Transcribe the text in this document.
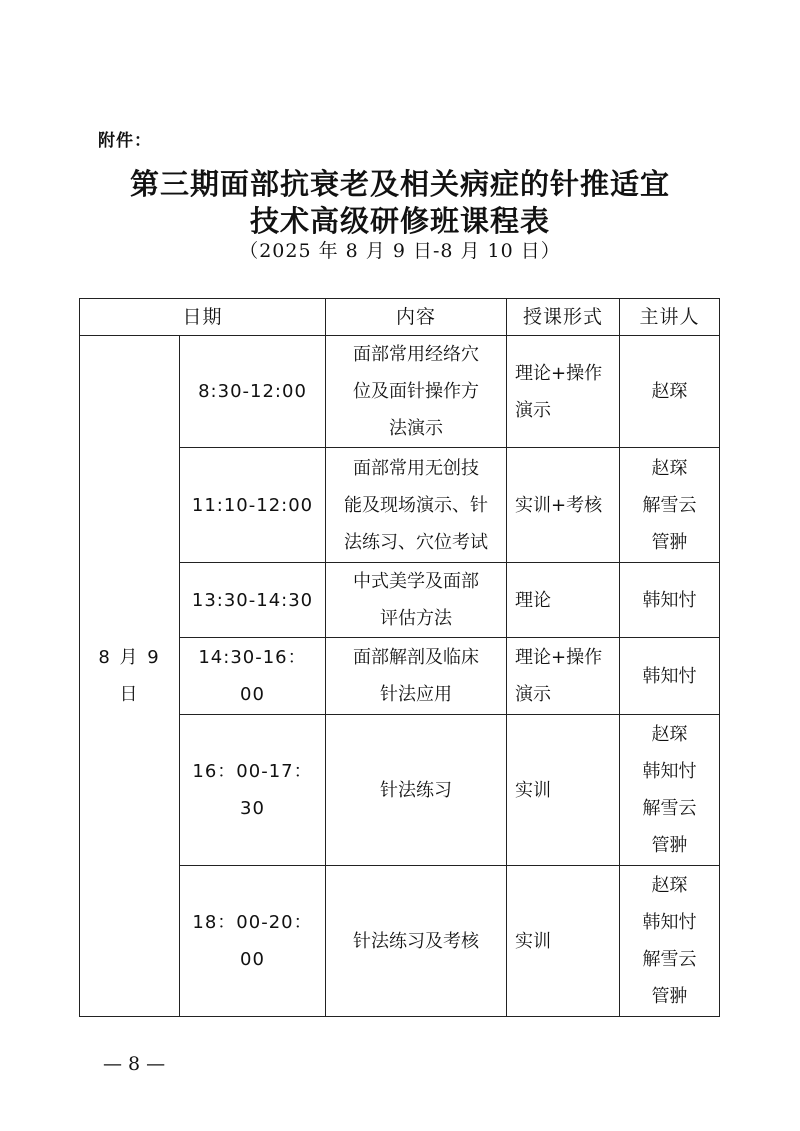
附件：
第三期面部抗衰老及相关病症的针推适宜
技术高级研修班课程表
（2025 年 8 月 9 日-8 月 10 日）
日期		内容	授课形式	主讲人
8 月 9 日	8:30-12:00	面部常用经络穴
位及面针操作方
法演示	理论+操作
演示	赵琛

	11:10-12:00	面部常用无创技
能及现场演示、针
法练习、穴位考试	实训+考核	赵琛
解雪云
管翀

	13:30-14:30	中式美学及面部
评估方法	理论	韩知忖

	14:30-16：00	面部解剖及临床
针法应用	理论+操作
演示	韩知忖

	16：00-17：30	针法练习	实训	赵琛
韩知忖
解雪云
管翀

	18：00-20：00	针法练习及考核	实训	赵琛
韩知忖
解雪云
管翀
— 8 —
